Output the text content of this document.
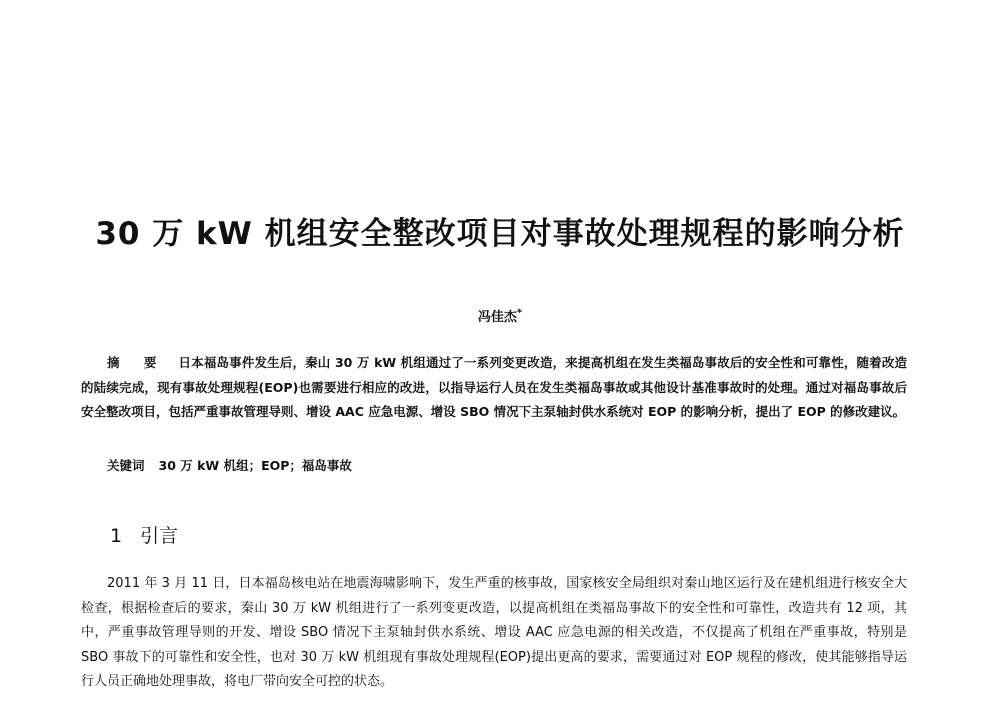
30 万 kW 机组安全整改项目对事故处理规程的影响分析
冯佳杰*
摘 要 日本福岛事件发生后，秦山 30 万 kW 机组通过了一系列变更改造，来提高机组在发生类福岛事故后的安全性和可靠性，随着改造的陆续完成，现有事故处理规程(EOP)也需要进行相应的改进，以指导运行人员在发生类福岛事故或其他设计基准事故时的处理。通过对福岛事故后安全整改项目，包括严重事故管理导则、增设 AAC 应急电源、增设 SBO 情况下主泵轴封供水系统对 EOP 的影响分析，提出了 EOP 的修改建议。
关键词 30 万 kW 机组；EOP；福岛事故
1 引言
2011 年 3 月 11 日，日本福岛核电站在地震海啸影响下，发生严重的核事故，国家核安全局组织对秦山地区运行及在建机组进行核安全大检查，根据检查后的要求，秦山 30 万 kW 机组进行了一系列变更改造，以提高机组在类福岛事故下的安全性和可靠性，改造共有 12 项，其中，严重事故管理导则的开发、增设 SBO 情况下主泵轴封供水系统、增设 AAC 应急电源的相关改造，不仅提高了机组在严重事故，特别是 SBO 事故下的可靠性和安全性，也对 30 万 kW 机组现有事故处理规程(EOP)提出更高的要求，需要通过对 EOP 规程的修改，使其能够指导运行人员正确地处理事故，将电厂带向安全可控的状态。
